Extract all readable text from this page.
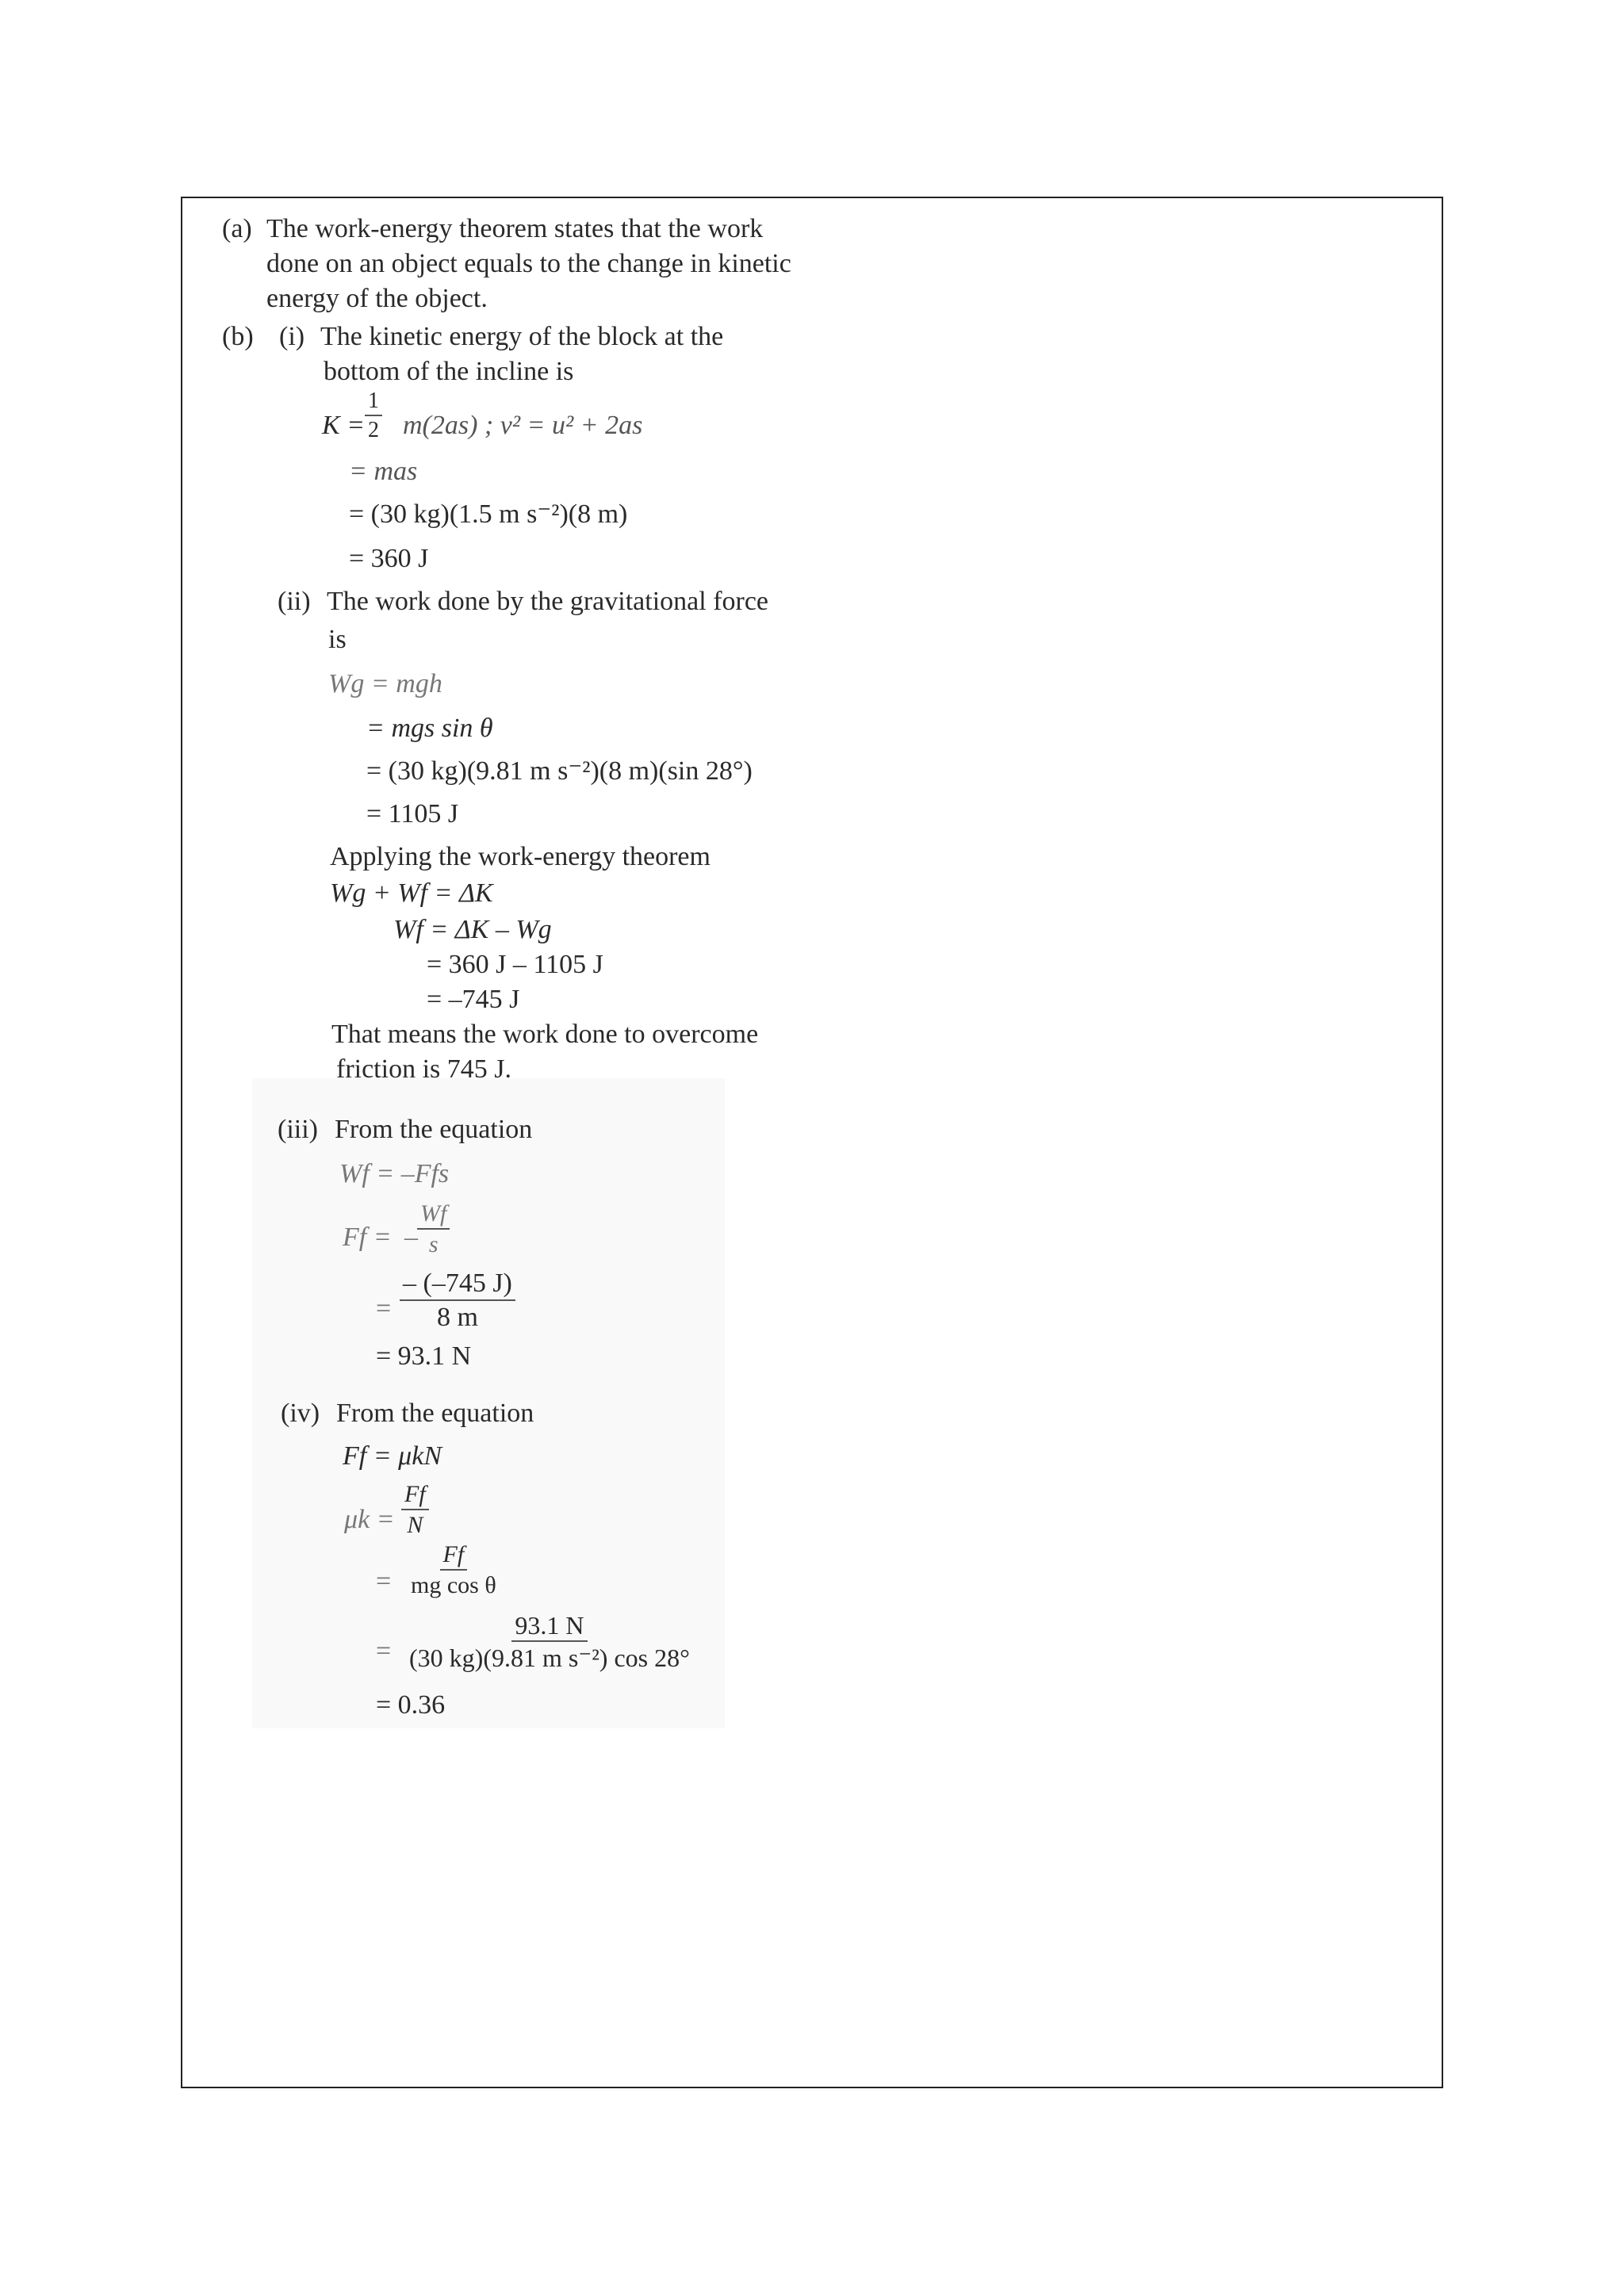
(a) The work-energy theorem states that the work
done on an object equals to the change in kinetic
energy of the object.
(b) (i) The kinetic energy of the block at the
bottom of the incline is
$K = \frac{1}{2} m(2as)$ ; v² = u² + 2as
= mas
= (30 kg)(1.5 m s⁻²)(8 m)
= 360 J
(ii) The work done by the gravitational force
is
Wg = mgh
= mgs sin θ
= (30 kg)(9.81 m s⁻²)(8 m)(sin 28°)
= 1105 J
Applying the work-energy theorem
Wg + Wf = ΔK
Wf = ΔK – Wg
= 360 J – 1105 J
= –745 J
That means the work done to overcome
friction is 745 J.
(iii) From the equation
Wf = –Ffs
Ff = – $\frac{Wf}{s}$
= $\frac{- (-745 J)}{8 m}$
= 93.1 N
(iv) From the equation
Ff = μkN
$\mu k = \frac{Ff}{N}$
= $\frac{Ff}{\text{mg cos θ}}$
= $\frac{93.1 N}{\text{(30 kg)(9.81 m s⁻²) cos 28°}}$
= 0.36
